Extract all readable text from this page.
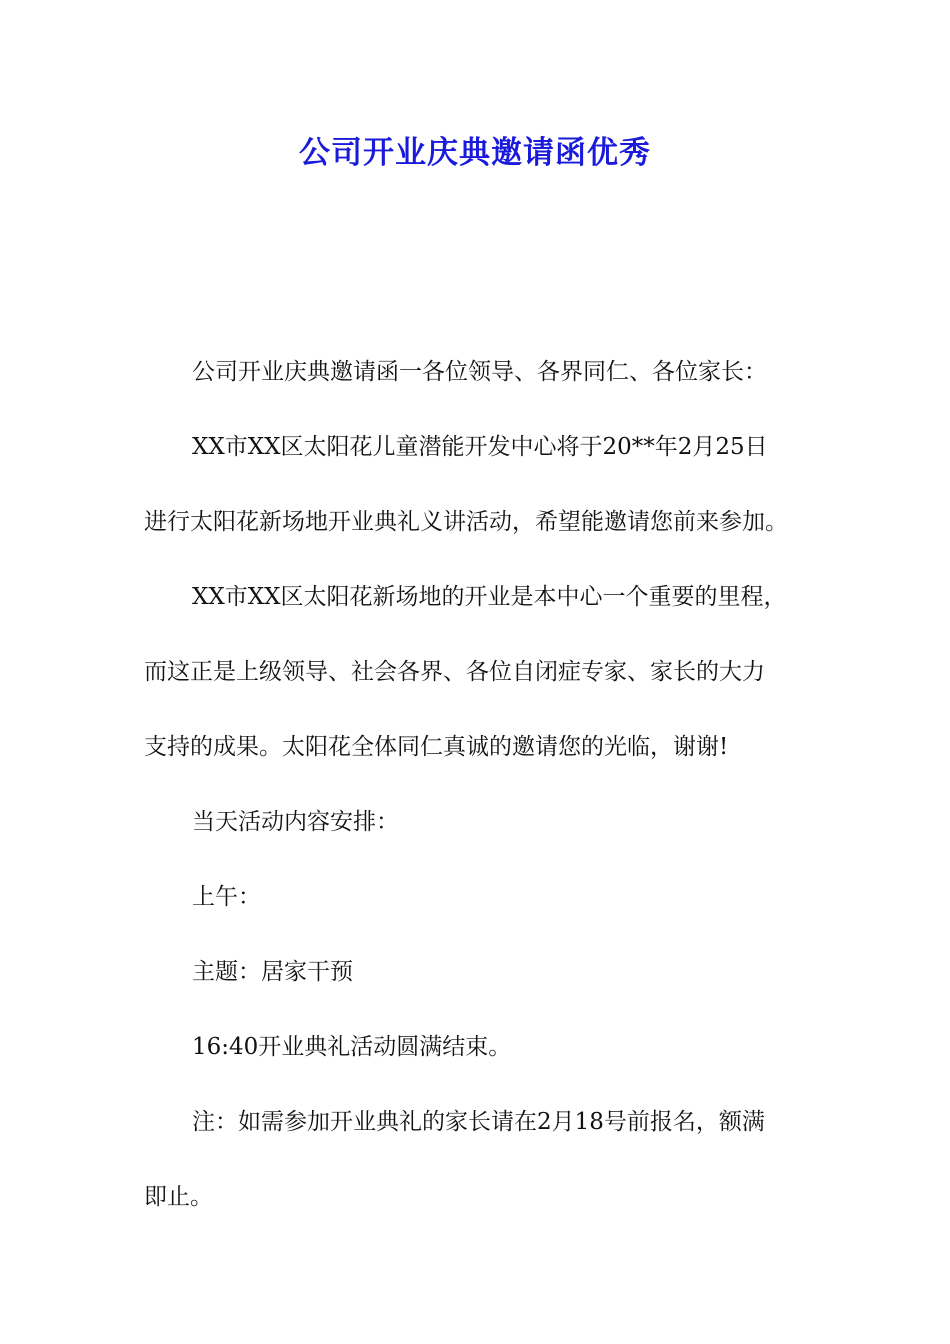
公司开业庆典邀请函优秀

公司开业庆典邀请函一各位领导、各界同仁、各位家长：

XX市XX区太阳花儿童潜能开发中心将于20**年2月25日
进行太阳花新场地开业典礼义讲活动，希望能邀请您前来参加。

XX市XX区太阳花新场地的开业是本中心一个重要的里程，
而这正是上级领导、社会各界、各位自闭症专家、家长的大力
支持的成果。太阳花全体同仁真诚的邀请您的光临，谢谢!

当天活动内容安排：

上午：

主题：居家干预

16:40开业典礼活动圆满结束。

注：如需参加开业典礼的家长请在2月18号前报名，额满
即止。
